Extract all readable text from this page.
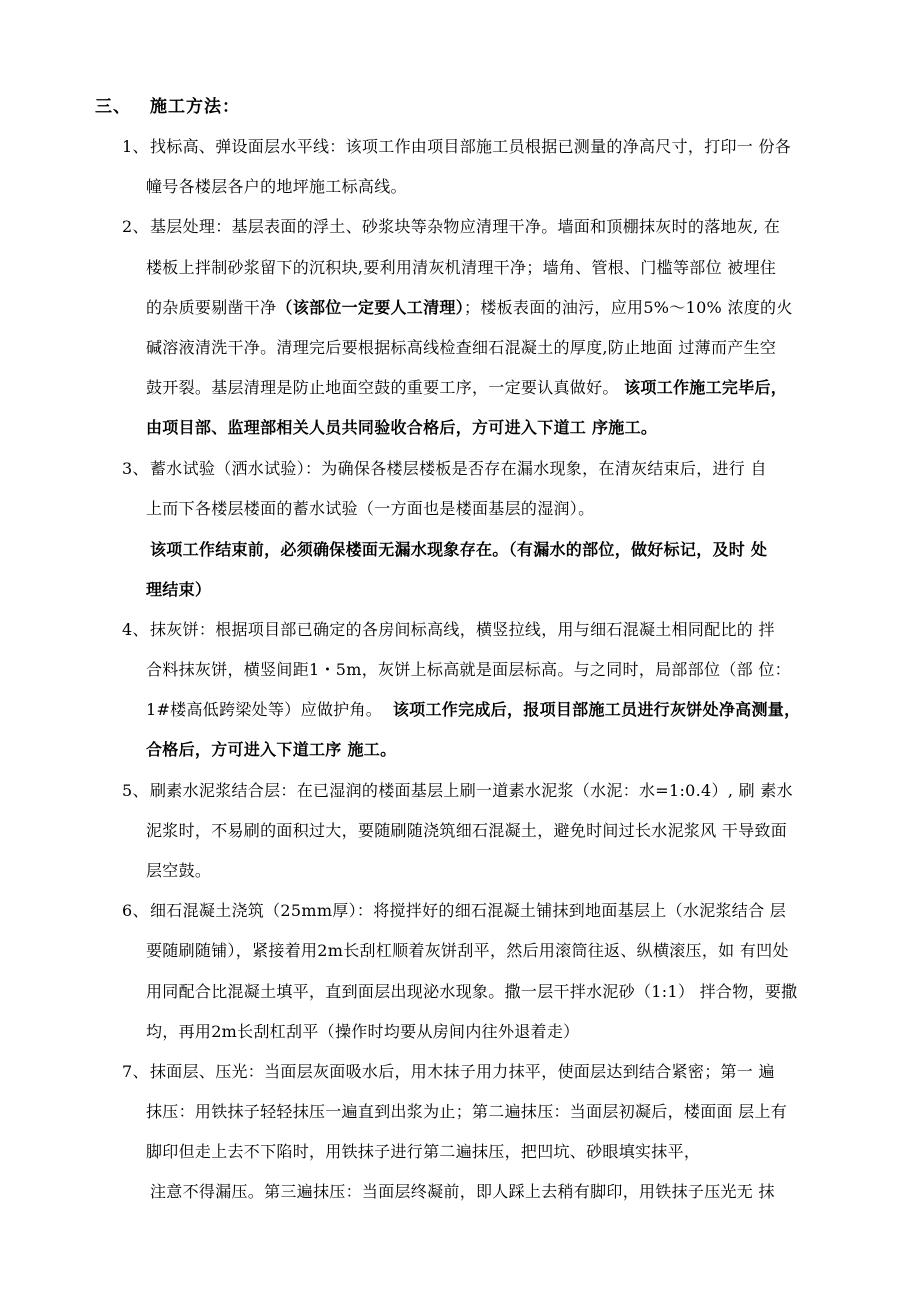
三、 施工方法：
1、找标高、弹设面层水平线：该项工作由项目部施工员根据已测量的净高尺寸，打印一 份各
幢号各楼层各户的地坪施工标高线。
2、基层处理：基层表面的浮土、砂浆块等杂物应清理干净。墙面和顶棚抹灰时的落地灰, 在
楼板上拌制砂浆留下的沉积块,要利用清灰机清理干净；墙角、管根、门槛等部位 被埋住
的杂质要剔凿干净（该部位一定要人工清理）；楼板表面的油污，应用5%～10% 浓度的火
碱溶液清洗干净。清理完后要根据标高线检查细石混凝土的厚度,防止地面 过薄而产生空
鼓开裂。基层清理是防止地面空鼓的重要工序，一定要认真做好。 该项工作施工完毕后，
由项目部、监理部相关人员共同验收合格后，方可进入下道工 序施工。
3、蓄水试验（洒水试验）：为确保各楼层楼板是否存在漏水现象，在清灰结束后，进行 自
上而下各楼层楼面的蓄水试验（一方面也是楼面基层的湿润）。
该项工作结束前，必须确保楼面无漏水现象存在。（有漏水的部位，做好标记，及时 处
理结束）
4、抹灰饼：根据项目部已确定的各房间标高线，横竖拉线，用与细石混凝土相同配比的 拌
合料抹灰饼，横竖间距1・5m，灰饼上标高就是面层标高。与之同时，局部部位（部 位：
1#楼高低跨梁处等）应做护角。 该项工作完成后，报项目部施工员进行灰饼处净高测量，
合格后，方可进入下道工序 施工。
5、刷素水泥浆结合层：在已湿润的楼面基层上刷一道素水泥浆（水泥：水=1:0.4）, 刷 素水
泥浆时，不易刷的面积过大，要随刷随浇筑细石混凝土，避免时间过长水泥浆风 干导致面
层空鼓。
6、细石混凝土浇筑（25mm厚）：将搅拌好的细石混凝土铺抹到地面基层上（水泥浆结合 层
要随刷随铺），紧接着用2m长刮杠顺着灰饼刮平，然后用滚筒往返、纵横滚压，如 有凹处
用同配合比混凝土填平，直到面层出现泌水现象。撒一层干拌水泥砂（1:1） 拌合物，要撒
均，再用2m长刮杠刮平（操作时均要从房间内往外退着走）
7、抹面层、压光：当面层灰面吸水后，用木抹子用力抹平，使面层达到结合紧密；第一 遍
抹压：用铁抹子轻轻抹压一遍直到出浆为止；第二遍抹压：当面层初凝后，楼面面 层上有
脚印但走上去不下陷时，用铁抹子进行第二遍抹压，把凹坑、砂眼填实抹平，
注意不得漏压。第三遍抹压：当面层终凝前，即人踩上去稍有脚印，用铁抹子压光无 抹
